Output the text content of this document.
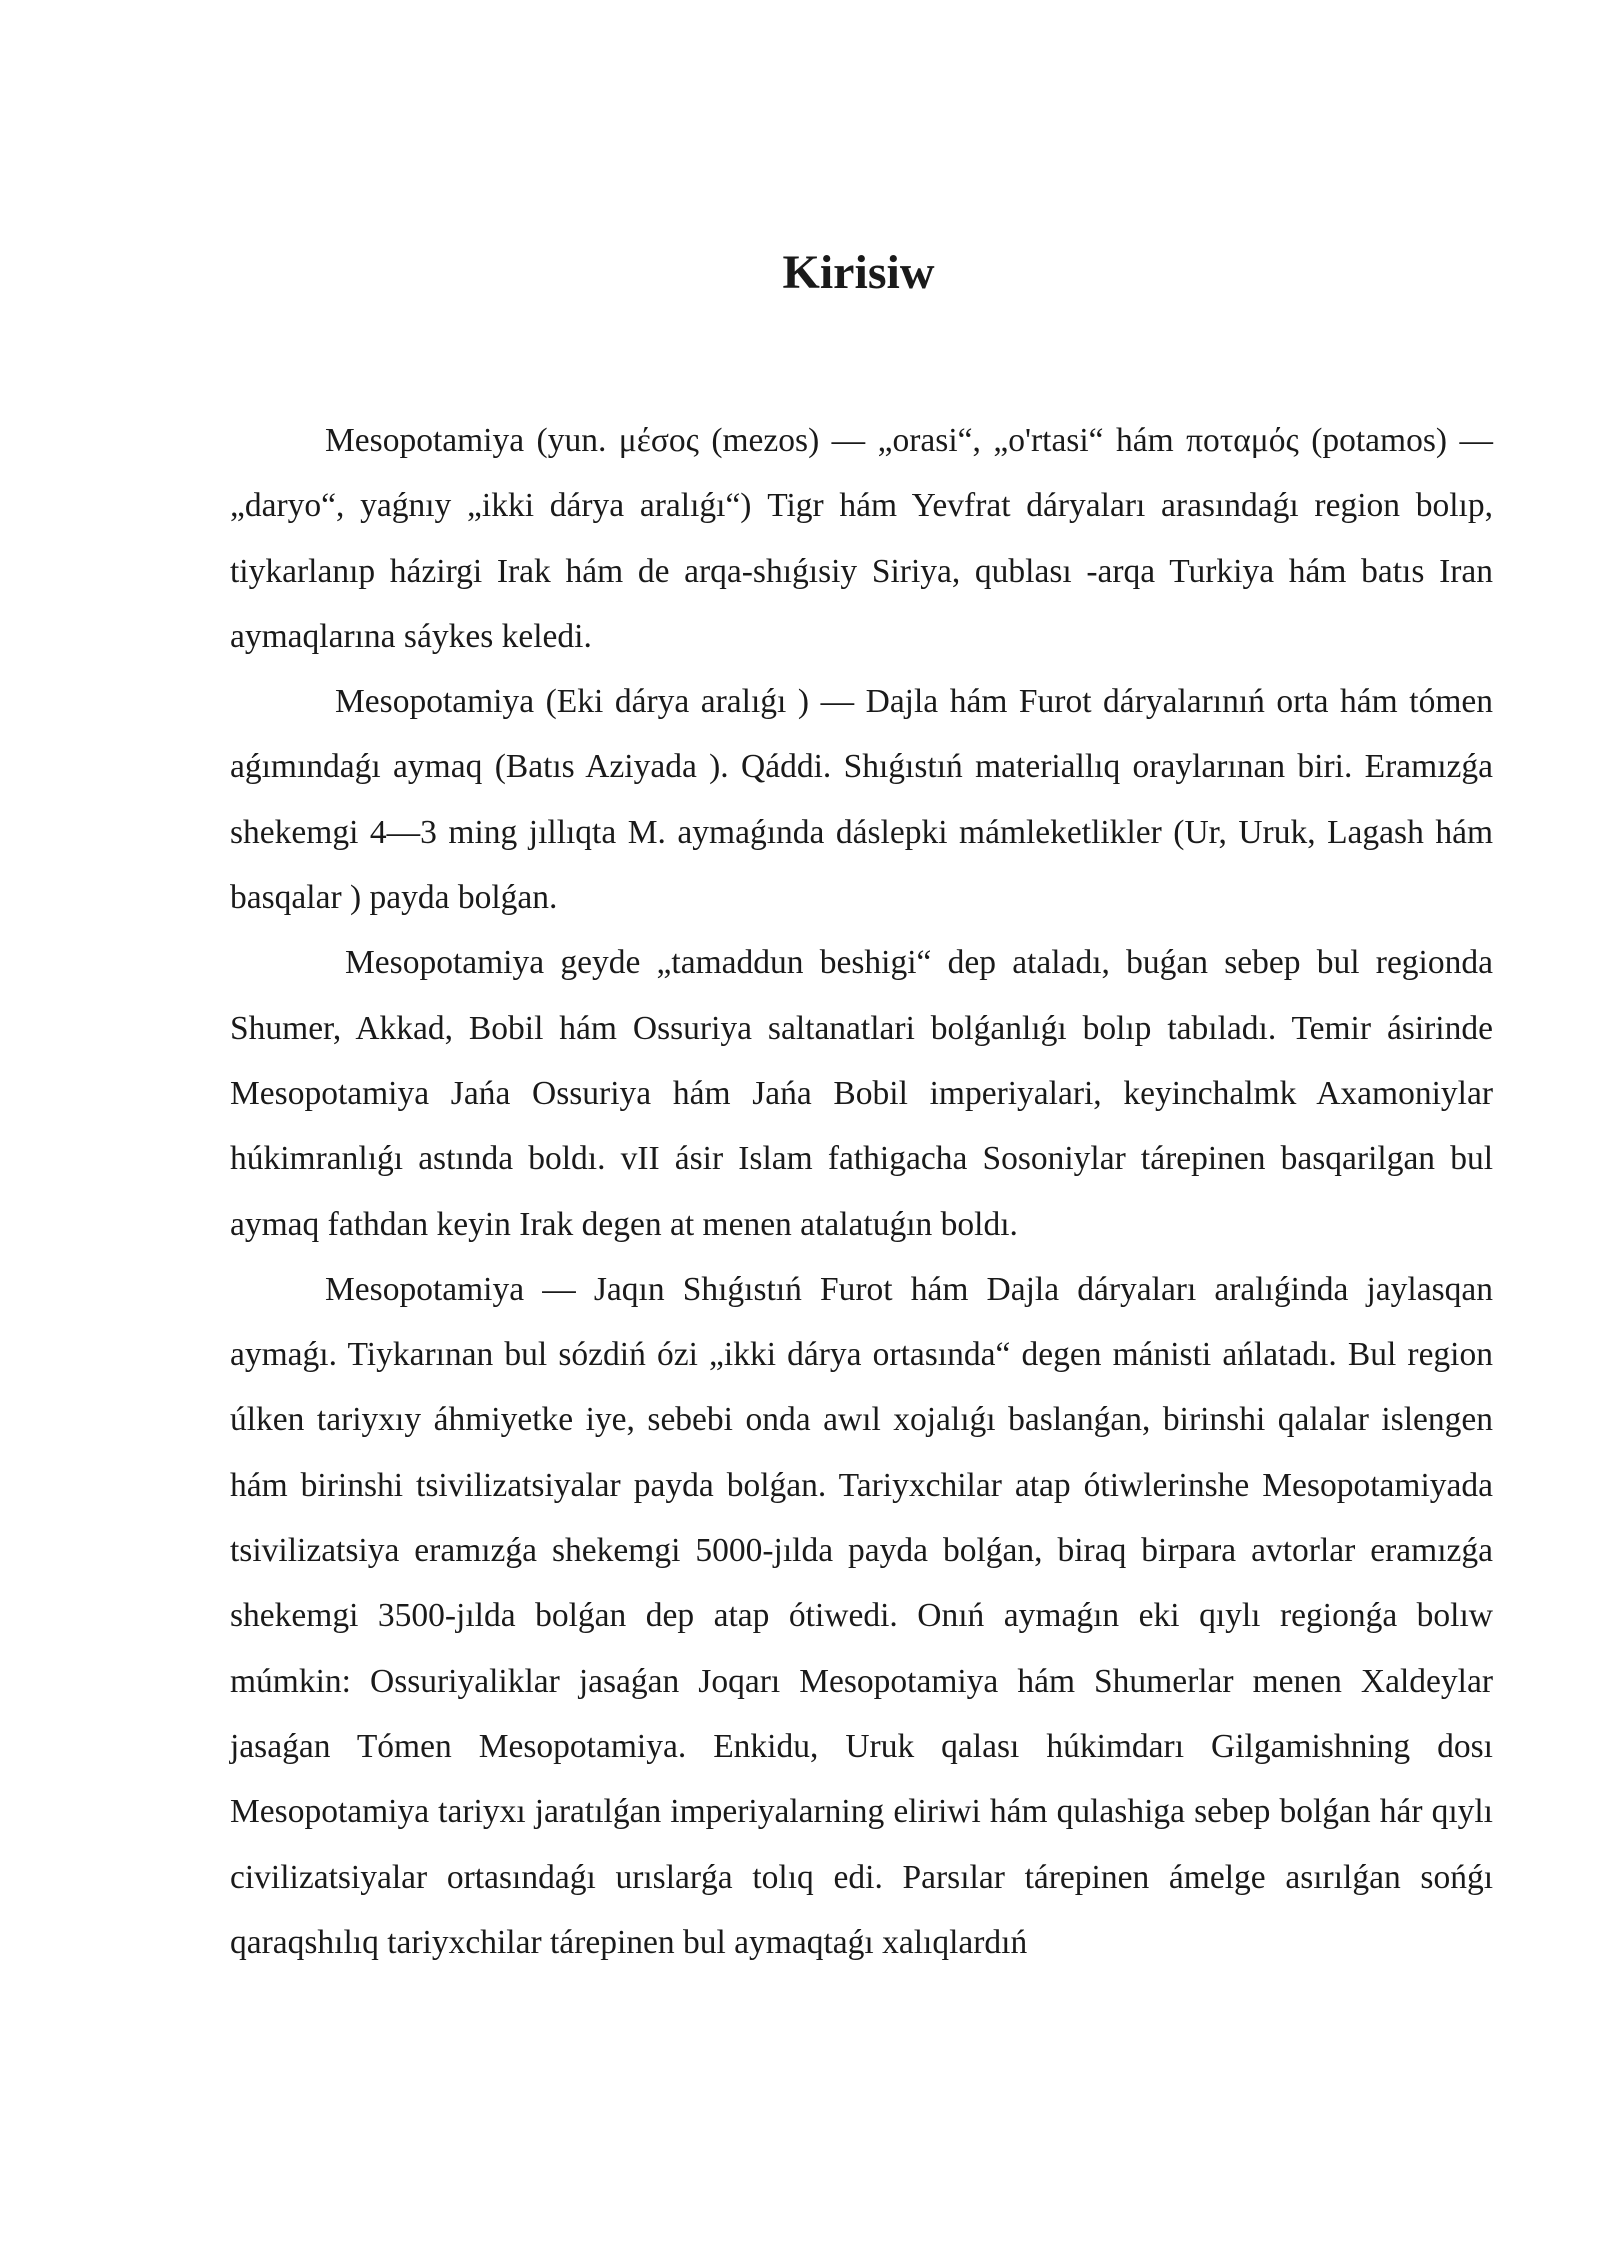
Kirisiw

Mesopotamiya (yun. μέσος (mezos) — „orasi“, „o'rtasi“ hám ποταμός (potamos) — „daryo“, yaǵnıy „ikki dárya aralıǵı“) Tigr hám Yevfrat dáryaları arasındaǵı region bolıp, tiykarlanıp házirgi Irak hám de arqa-shıǵısiy Siriya, qublası -arqa Turkiya hám batıs Iran aymaqlarına sáykes keledi.

Mesopotamiya (Eki dárya aralıǵı ) — Dajla hám Furot dáryalarınıń orta hám tómen aǵımındaǵı aymaq (Batıs Aziyada ). Qáddi. Shıǵıstıń materiallıq oraylarınan biri. Eramızǵa shekemgi 4—3 ming jıllıqta M. aymaǵında dáslepki mámleketlikler (Ur, Uruk, Lagash hám basqalar ) payda bolǵan.

Mesopotamiya geyde „tamaddun beshigi“ dep ataladı, buǵan sebep bul regionda Shumer, Akkad, Bobil hám Ossuriya saltanatlari bolǵanlıǵı bolıp tabıladı. Temir ásirinde Mesopotamiya Jańa Ossuriya hám Jańa Bobil imperiyalari, keyinchalmk Axamoniylar húkimranlıǵı astında boldı. vII ásir Islam fathigacha Sosoniylar tárepinen basqarilgan bul aymaq fathdan keyin Irak degen at menen atalatuǵın boldı.

Mesopotamiya — Jaqın Shıǵıstıń Furot hám Dajla dáryaları aralıǵinda jaylasqan aymaǵı. Tiykarınan bul sózdiń ózi „ikki dárya ortasında“ degen mánisti ańlatadı. Bul region úlken tariyxıy áhmiyetke iye, sebebi onda awıl xojalıǵı baslanǵan, birinshi qalalar islengen hám birinshi tsivilizatsiyalar payda bolǵan. Tariyxchilar atap ótiwlerinshe Mesopotamiyada tsivilizatsiya eramızǵa shekemgi 5000-jılda payda bolǵan, biraq birpara avtorlar eramızǵa shekemgi 3500-jılda bolǵan dep atap ótiwedi. Onıń aymaǵın eki qıylı regionǵa bolıw múmkin: Ossuriyaliklar jasaǵan Joqarı Mesopotamiya hám Shumerlar menen Xaldeylar jasaǵan Tómen Mesopotamiya. Enkidu, Uruk qalası húkimdarı Gilgamishning dosı Mesopotamiya tariyxı jaratılǵan imperiyalarning eliriwi hám qulashiga sebep bolǵan hár qıylı civilizatsiyalar ortasındaǵı urıslarǵa tolıq edi. Parsılar tárepinen ámelge asırılǵan sońǵı qaraqshılıq tariyxchilar tárepinen bul aymaqtaǵı xalıqlardıń
